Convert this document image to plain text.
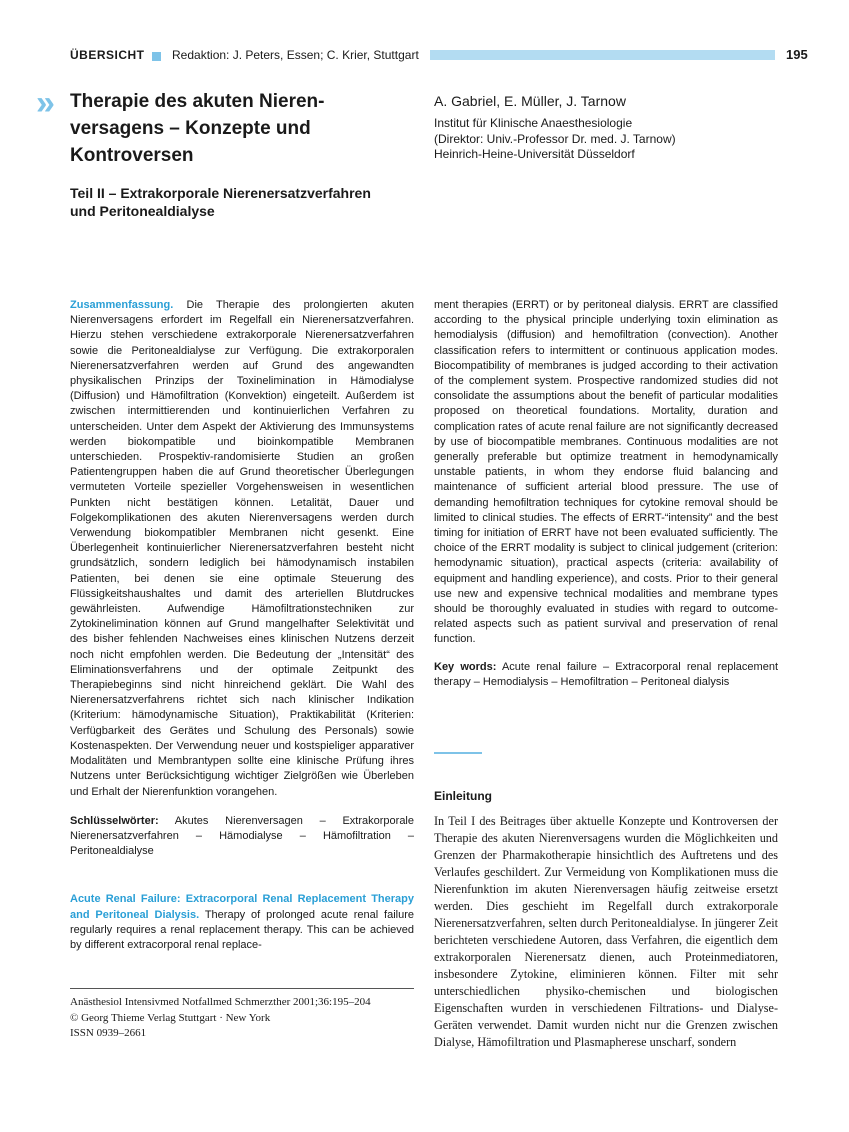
ÜBERSICHT Redaktion: J. Peters, Essen; C. Krier, Stuttgart	195
» Therapie des akuten Nieren-
versagens – Konzepte und
Kontroversen
Teil II – Extrakorporale Nierenersatzverfahren
und Peritonealdialyse
A. Gabriel, E. Müller, J. Tarnow
Institut für Klinische Anaesthesiologie
(Direktor: Univ.-Professor Dr. med. J. Tarnow)
Heinrich-Heine-Universität Düsseldorf

Zusammenfassung. Die Therapie des prolongierten akuten Nierenversagens erfordert im Regelfall ein Nierenersatzverfahren. Hierzu stehen verschiedene extrakorporale Nierenersatzverfahren sowie die Peritonealdialyse zur Verfügung. Die extrakorporalen Nierenersatzverfahren werden auf Grund des angewandten physikalischen Prinzips der Toxinelimination in Hämodialyse (Diffusion) und Hämofiltration (Konvektion) eingeteilt. Außerdem ist zwischen intermittierenden und kontinuierlichen Verfahren zu unterscheiden. Unter dem Aspekt der Aktivierung des Immunsystems werden biokompatible und bioinkompatible Membranen unterschieden. Prospektiv-randomisierte Studien an großen Patientengruppen haben die auf Grund theoretischer Überlegungen vermuteten Vorteile spezieller Vorgehensweisen in wesentlichen Punkten nicht bestätigen können. Letalität, Dauer und Folgekomplikationen des akuten Nierenversagens werden durch Verwendung biokompatibler Membranen nicht gesenkt. Eine Überlegenheit kontinuierlicher Nierenersatzverfahren besteht nicht grundsätzlich, sondern lediglich bei hämodynamisch instabilen Patienten, bei denen sie eine optimale Steuerung des Flüssigkeitshaushaltes und damit des arteriellen Blutdruckes gewährleisten. Aufwendige Hämofiltrationstechniken zur Zytokinelimination können auf Grund mangelhafter Selektivität und des bisher fehlenden Nachweises eines klinischen Nutzens derzeit noch nicht empfohlen werden. Die Bedeutung der „Intensität“ des Eliminationsverfahrens und der optimale Zeitpunkt des Therapiebeginns sind nicht hinreichend geklärt. Die Wahl des Nierenersatzverfahrens richtet sich nach klinischer Indikation (Kriterium: hämodynamische Situation), Praktikabilität (Kriterien: Verfügbarkeit des Gerätes und Schulung des Personals) sowie Kostenaspekten. Der Verwendung neuer und kostspieliger apparativer Modalitäten und Membrantypen sollte eine klinische Prüfung ihres Nutzens unter Berücksichtigung wichtiger Zielgrößen wie Überleben und Erhalt der Nierenfunktion vorangehen.

Schlüsselwörter: Akutes Nierenversagen – Extrakorporale Nierenersatzverfahren – Hämodialyse – Hämofiltration – Peritonealdialyse

Acute Renal Failure: Extracorporal Renal Replacement Therapy and Peritoneal Dialysis. Therapy of prolonged acute renal failure regularly requires a renal replacement therapy. This can be achieved by different extracorporal renal replace-

ment therapies (ERRT) or by peritoneal dialysis. ERRT are classified according to the physical principle underlying toxin elimination as hemodialysis (diffusion) and hemofiltration (convection). Another classification refers to intermittent or continuous application modes. Biocompatibility of membranes is judged according to their activation of the complement system. Prospective randomized studies did not consolidate the assumptions about the benefit of particular modalities proposed on theoretical foundations. Mortality, duration and complication rates of acute renal failure are not significantly decreased by use of biocompatible membranes. Continuous modalities are not generally preferable but optimize treatment in hemodynamically unstable patients, in whom they endorse fluid balancing and maintenance of sufficient arterial blood pressure. The use of demanding hemofiltration techniques for cytokine removal should be limited to clinical studies. The effects of ERRT-“intensity” and the best timing for initiation of ERRT have not been evaluated sufficiently. The choice of the ERRT modality is subject to clinical judgement (criterion: hemodynamic situation), practical aspects (criteria: availability of equipment and handling experience), and costs. Prior to their general use new and expensive technical modalities and membrane types should be thoroughly evaluated in studies with regard to outcome-related aspects such as patient survival and preservation of renal function.

Key words: Acute renal failure – Extracorporal renal replacement therapy – Hemodialysis – Hemofiltration – Peritoneal dialysis

Einleitung

In Teil I des Beitrages über aktuelle Konzepte und Kontroversen der Therapie des akuten Nierenversagens wurden die Möglichkeiten und Grenzen der Pharmakotherapie hinsichtlich des Auftretens und des Verlaufes geschildert. Zur Vermeidung von Komplikationen muss die Nierenfunktion im akuten Nierenversagen häufig zeitweise ersetzt werden. Dies geschieht im Regelfall durch extrakorporale Nierenersatzverfahren, selten durch Peritonealdialyse. In jüngerer Zeit berichteten verschiedene Autoren, dass Verfahren, die eigentlich dem extrakorporalen Nierenersatz dienen, auch Proteinmediatoren, insbesondere Zytokine, eliminieren können. Filter mit sehr unterschiedlichen physiko-chemischen und biologischen Eigenschaften wurden in verschiedenen Filtrations- und Dialyse-Geräten verwendet. Damit wurden nicht nur die Grenzen zwischen Dialyse, Hämofiltration und Plasmapherese unscharf, sondern

Anästhesiol Intensivmed Notfallmed Schmerzther 2001;36:195–204
© Georg Thieme Verlag Stuttgart · New York
ISSN 0939–2661
